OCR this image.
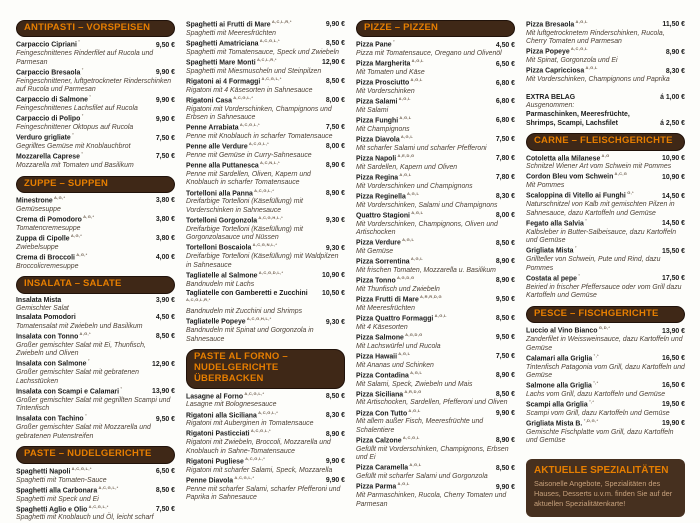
ANTIPASTI – VORSPEISEN
Carpaccio Cipriani °	9,50 €
Feingeschnittenes Rinderfilet auf Rucola und Parmesan
Carpaccio Bresaola °	9,90 €
Feingeschnittener, luftgetrockneter Rinderschinken auf Rucola und Parmesan
Carpaccio di Salmone °	9,90 €
Feingeschnittenes Lachsfilet auf Rucola
Carpaccio di Polipo °	9,90 €
Feingeschnittener Oktopus auf Rucola
Verduro grigliate °	7,50 €
Gegrilltes Gemüse mit Knoblauchbrot
Mozzarella Caprese °	7,50 €
Mozzarella mit Tomaten und Basilikum
ZUPPE – SUPPEN
Minestrone $^{A,G,*}$	3,80 €
Gemüsesuppe
Crema di Pomodoro $^{A,G,*}$	3,80 €
Tomatencremesuppe
Zuppa di Cipolle $^{A,G,*}$	3,80 €
Zwiebelsuppe
Crema di Broccoli $^{A,G,*}$	4,00 €
Broccolicremesuppe
INSALATA – SALATE
Insalata Mista	3,90 €
Gemischter Salat
Insalata Pomodori	4,50 €
Tomatensalat mit Zwiebeln und Basilikum
Insalata con Tonno $^{A,G,*}$	8,50 €
Großer gemischter Salat mit Ei, Thunfisch, Zwiebeln und Oliven
Insalata con Salmone °	12,90 €
Großer gemischter Salat mit gebratenen Lachsstücken
Insalata con Scampi e Calamari °	13,90 €
Großer gemischter Salat mit gegrillten Scampi und Tintenfisch
Insalata con Tachino °	9,50 €
Großer gemischter Salat mit Mozzarella und gebratenen Putenstreifen
PASTE – NUDELGERICHTE
Spaghetti Napoli $^{A,C,G,L,*}$	6,50 €
Spaghetti mit Tomaten-Sauce
Spaghetti alla Carbonara $^{A,C,G,L,*}$	8,50 €
Spaghetti mit Speck und Ei
Spaghetti Aglio e Olio $^{A,C,G,L,*}$	7,50 €
Spaghetti mit Knoblauch und Öl, leicht scharf
Spaghetti ai Frutti di Mare $^{A,C,L,R,*}$	9,90 €
Spaghetti mit Meeresfrüchten
Spaghetti Amatriciana $^{A,C,G,L,*}$	8,50 €
Spaghetti mit Tomatensauce, Speck und Zwiebeln
Spaghetti Mare Monti $^{A,C,L,R,*}$	12,90 €
Spaghetti mit Miesmuscheln und Steinpilzen
Rigatoni ai 4 Formaggi $^{A,C,G,L,*}$	8,50 €
Rigatoni mit 4 Käsesorten in Sahnesauce
Rigatoni Casa $^{A,C,G,L,*}$	8,00 €
Rigatoni mit Vorderschinken, Champignons und Erbsen in Sahnesauce
Penne Arrabiata $^{A,C,G,L,*}$	7,50 €
Penne mit Knoblauch in scharfer Tomatensauce
Penne alle Verdure $^{A,C,G,L,*}$	8,00 €
Penne mit Gemüse in Curry-Sahnesauce
Penne alla Puttanesca $^{A,C,N,L,*}$	8,90 €
Penne mit Sardellen, Oliven, Kapern und Knoblauch in scharfer Tomatensauce
Tortelloni alla Panna $^{A,C,G,L,*}$	8,90 €
Dreifarbige Tortelloni (Käsefüllung) mit Vorderschinken in Sahnesauce
Tortelloni Gorgonzola $^{A,C,G,H,L,*}$	9,30 €
Dreifarbige Tortelloni (Käsefüllung) mit Gorgonzolasauce und Nüssen
Tortelloni Boscaiola $^{A,C,G,N,L,*}$	9,30 €
Dreifarbige Tortelloni (Käsefüllung) mit Waldpilzen in Sahnesauce
Tagliatelle al Salmone $^{A,C,G,D,L,*}$	10,90 €
Bandnudeln mit Lachs
Tagliatelle con Gamberetti e Zucchini $^{A,C,G,L,R,*}$
10,50 €
Bandnudeln mit Zucchini und Shrimps
Tagliatelle Popeye $^{A,C,G,H,L,*}$	9,30 €
Bandnudeln mit Spinat und Gorgonzola in Sahnesauce
PASTE AL FORNO – NUDELGERICHTE ÜBERBACKEN
Lasagne al Forno $^{A,C,G,L,*}$	8,50 €
Lasagne mit Bolognesesauce
Rigatoni alla Siciliana $^{A,C,G,L,*}$	8,30 €
Rigatoni mit Auberginen in Tomatensauce
Rigatoni Pasticciati $^{A,C,G,L,*}$	8,90 €
Rigatoni mit Zwiebeln, Broccoli, Mozzarella und Knoblauch in Sahne-Tomatensauce
Rigatoni Pugliese $^{A,C,G,L,*}$	9,90 €
Rigatoni mit scharfer Salami, Speck, Mozzarella
Penne Diavola $^{A,C,G,L,*}$	9,90 €
Penne mit scharfer Salami, scharfer Pfefferoni und Paprika in Sahnesauce
PIZZE – PIZZEN
Pizza Pane °	4,50 €
Pizza mit Tomatensauce, Oregano und Olivenöl
Pizza Margherita $^{A,G,L}$	6,50 €
Mit Tomaten und Käse
Pizza Prosciutto $^{A,G,L}$	6,80 €
Mit Vorderschinken
Pizza Salami $^{A,G,L}$	6,80 €
Mit Salami
Pizza Funghi $^{A,G,L}$	6,80 €
Mit Champignons
Pizza Diavola $^{A,G,L}$	7,50 €
Mit scharfer Salami und scharfer Pfefferoni
Pizza Napoli $^{A,E,D,G}$	7,80 €
Mit Sardellen, Kapern und Oliven
Pizza Regina $^{A,G,L}$	7,80 €
Mit Vorderschinken und Champignons
Pizza Reginella $^{A,G,L}$	8,30 €
Mit Vorderschinken, Salami und Champignons
Quattro Stagioni $^{A,G,L}$	8,00 €
Mit Vorderschinken, Champignons, Oliven und Artischocken
Pizza Verdure $^{A,G,L}$	8,50 €
Mit Gemüse
Pizza Sorrentina $^{A,G,L}$	8,90 €
Mit frischen Tomaten, Mozzarella u. Basilikum
Pizza Tonno $^{A,G,D,G}$	8,90 €
Mit Thunfisch und Zwiebeln
Pizza Frutti di Mare $^{A,R,R,D,G}$	9,50 €
Mit Meeresfrüchten
Pizza Quattro Formaggi $^{A,G,L}$	8,50 €
Mit 4 Käsesorten
Pizza Salmone $^{A,G,D,G}$	9,50 €
Mit Lachswürfel und Rucola
Pizza Hawaii $^{A,G,L}$	7,50 €
Mit Ananas und Schinken
Pizza Contadina $^{A,G,L}$	8,90 €
Mit Salami, Speck, Zwiebeln und Mais
Pizza Siciliana $^{A,R,D,G}$	8,50 €
Mit Artischocken, Sardellen, Pfefferoni und Oliven
Pizza Con Tutto $^{A,G,L}$	9,90 €
Mit allem außer Fisch, Meeresfrüchte und Schalentiere
Pizza Calzone $^{A,C,G,L}$	8,90 €
Gefüllt mit Vorderschinken, Champignons, Erbsen und Ei
Pizza Caramella $^{A,G,L}$	8,50 €
Gefüllt mit scharfer Salami und Gorgonzola
Pizza Parma $^{A,G,L}$	9,90 €
Mit Parmaschinken, Rucola, Cherry Tomaten und Parmesan
Pizza Bresaola $^{A,G,L}$	11,50 €
Mit luftgetrocknetem Rinderschinken, Rucola, Cherry Tomaten und Parmesan
Pizza Popeye $^{A,C,G,L}$	8,90 €
Mit Spinat, Gorgonzola und Ei
Pizza Capricciosa $^{A,G,L}$	8,30 €
Mit Vorderschinken, Champignons und Paprika
EXTRA BELAG	á 1,00 €
Ausgenommen:
Parmaschinken, Meeresfrüchte, Shrimps, Scampi, Lachsfilet	á 2,50 €
CARNE – FLEISCHGERICHTE
Cotoletta alla Milanese $^{A,G}$	10,90 €
Schnitzel Wiener Art vom Schwein mit Pommes
Cordon Bleu vom Schwein $^{A,C,G}$	10,90 €
Mit Pommes
Scaloppina di Vitello ai Funghi $^{G,*}$	14,50 €
Naturschnitzel von Kalb mit gemischten Pilzen in Sahnesauce, dazu Kartoffeln und Gemüse
Fegato alla Salvia °	14,50 €
Kalbsleber in Butter-Salbeisauce, dazu Kartoffeln und Gemüse
Grigliata Mista °	15,50 €
Grillteller von Schwein, Pute und Rind, dazu Pommes
Costata al pepe °	17,50 €
Beiried in frischer Pfeffersauce oder vom Grill dazu Kartoffeln und Gemüse
PESCE – FISCHGERICHTE
Luccio al Vino Bianco $^{G,D,*}$	13,90 €
Zanderfilet in Weissweinsauce, dazu Kartoffeln und Gemüse
Calamari alla Griglia °,*	16,50 €
Tintenfisch Patagonia vom Grill, dazu Kartoffeln und Gemüse
Salmone alla Griglia °,*	16,50 €
Lachs vom Grill, dazu Kartoffeln und Gemüse
Scampi alla Griglia °,*	19,50 €
Scampi vom Grill, dazu Kartoffeln und Gemüse
Grigliata Mista B. $^{^\circ,D,G,*}$	19,90 €
Gemischte Fischplatte vom Grill, dazu Kartoffeln und Gemüse
AKTUELLE SPEZIALITÄTEN
Saisonelle Angebote, Spezialitäten des Hauses, Desserts u.v.m. finden Sie auf der aktuellen Spezialitätenkarte!
